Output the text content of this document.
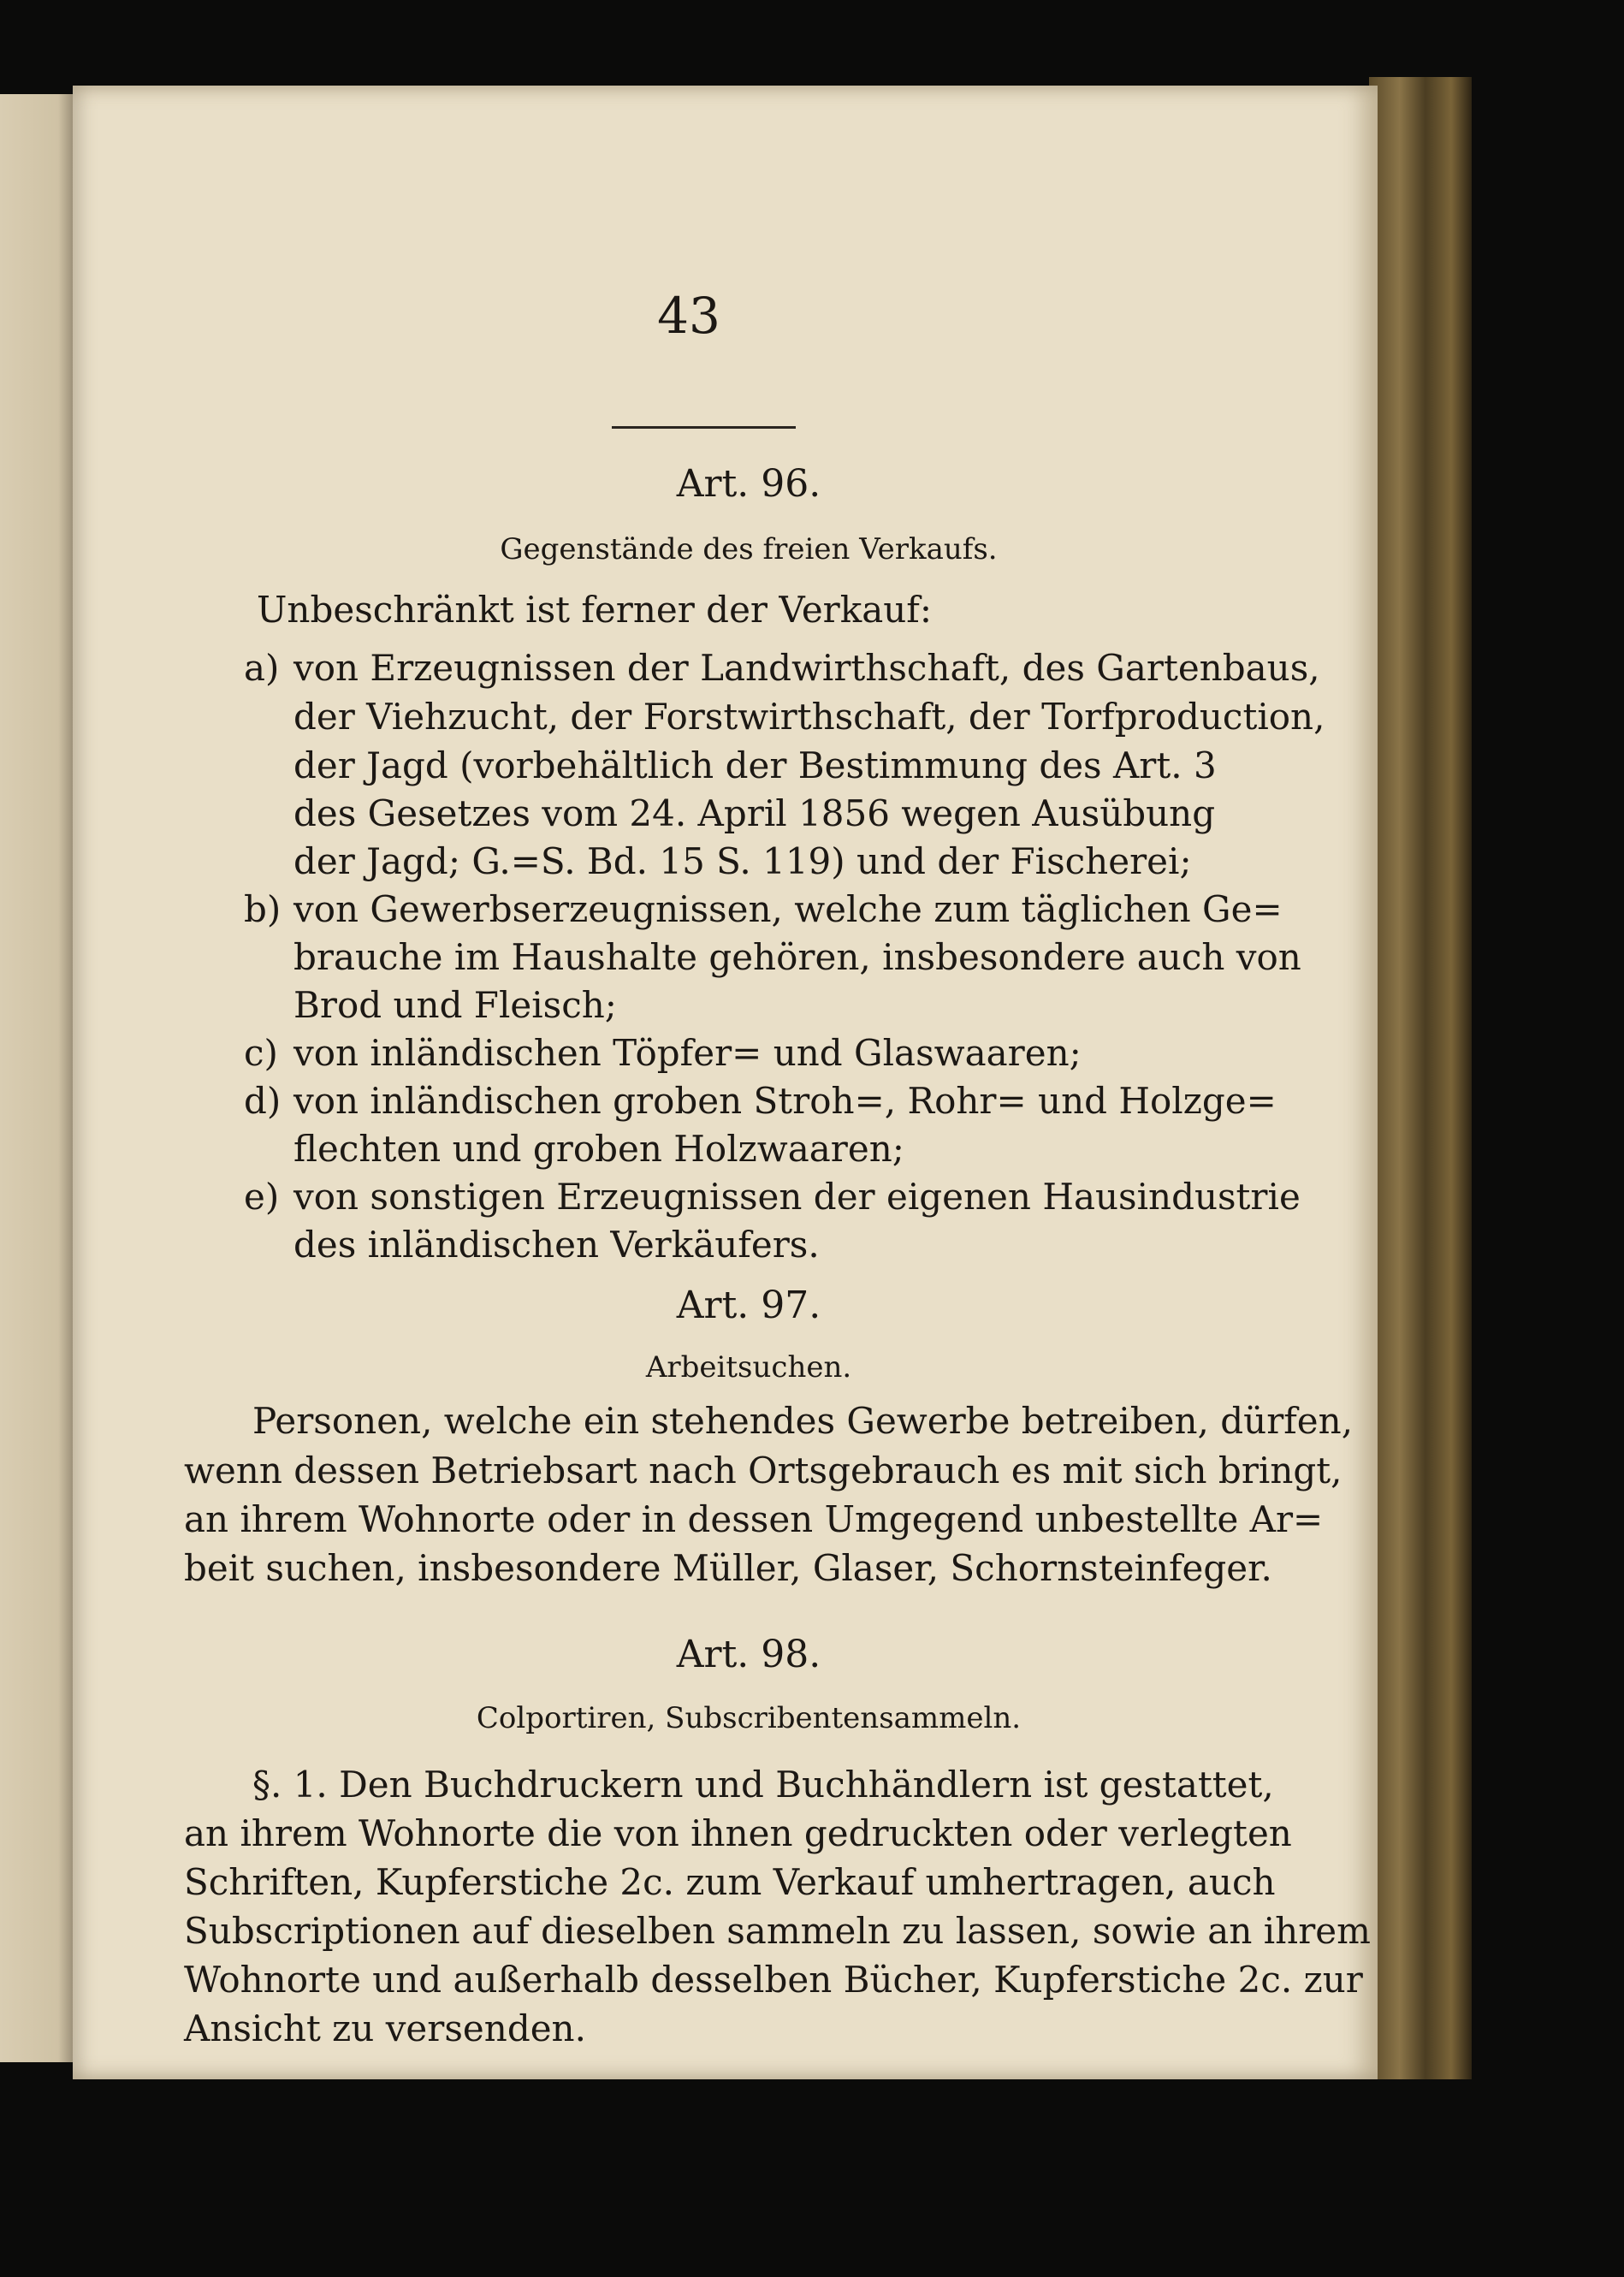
43
Art. 96.
Gegenstände des freien Verkaufs.
Unbeschränkt ist ferner der Verkauf:
a) von Erzeugnissen der Landwirthschaft, des Gartenbaus,
der Viehzucht, der Forstwirthschaft, der Torfproduction,
der Jagd (vorbehältlich der Bestimmung des Art. 3
des Gesetzes vom 24. April 1856 wegen Ausübung
der Jagd; G.=S. Bd. 15 S. 119) und der Fischerei;
b) von Gewerbserzeugnissen, welche zum täglichen Ge=
brauche im Haushalte gehören, insbesondere auch von
Brod und Fleisch;
c) von inländischen Töpfer= und Glaswaaren;
d) von inländischen groben Stroh=, Rohr= und Holzge=
flechten und groben Holzwaaren;
e) von sonstigen Erzeugnissen der eigenen Hausindustrie
des inländischen Verkäufers.
Art. 97.
Arbeitsuchen.
Personen, welche ein stehendes Gewerbe betreiben, dürfen,
wenn dessen Betriebsart nach Ortsgebrauch es mit sich bringt,
an ihrem Wohnorte oder in dessen Umgegend unbestellte Ar=
beit suchen, insbesondere Müller, Glaser, Schornsteinfeger.
Art. 98.
Colportiren, Subscribentensammeln.
§. 1. Den Buchdruckern und Buchhändlern ist gestattet,
an ihrem Wohnorte die von ihnen gedruckten oder verlegten
Schriften, Kupferstiche 2c. zum Verkauf umhertragen, auch
Subscriptionen auf dieselben sammeln zu lassen, sowie an ihrem
Wohnorte und außerhalb desselben Bücher, Kupferstiche 2c. zur
Ansicht zu versenden.
